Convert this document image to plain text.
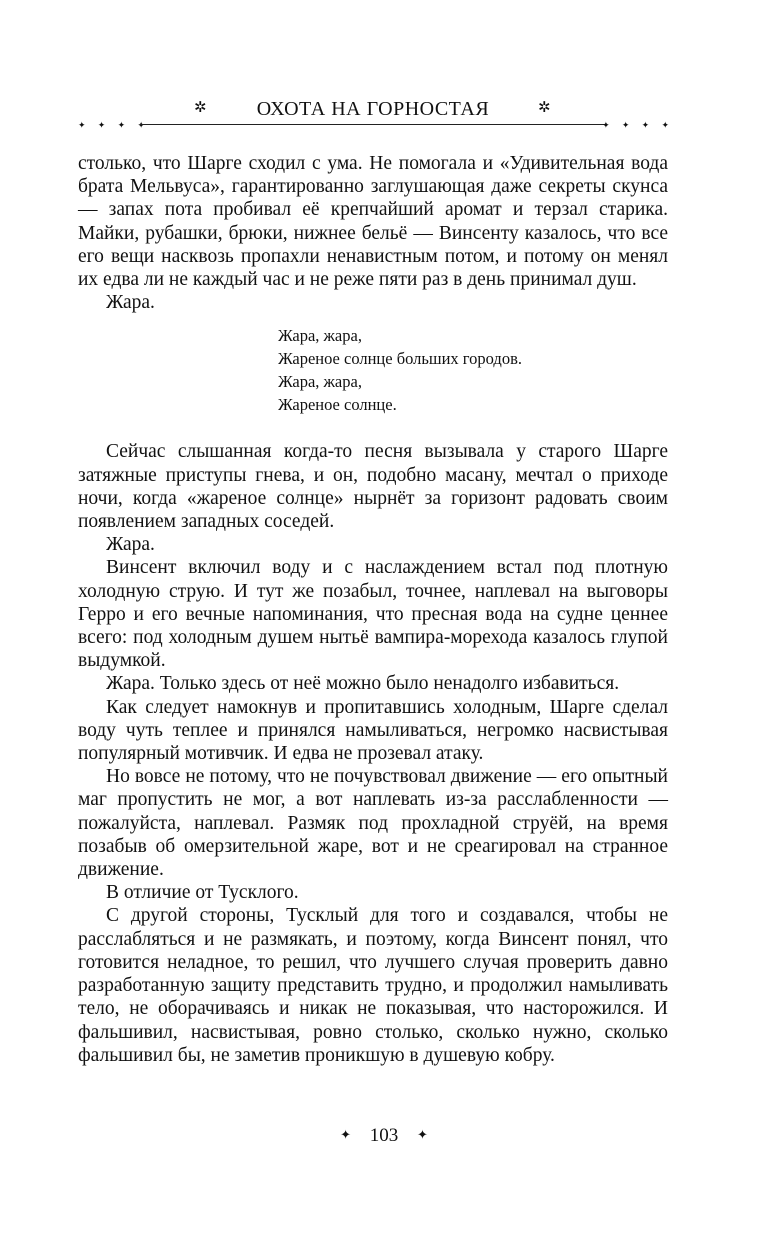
✲	ОХОТА НА ГОРНОСТАЯ	✲
✦ ✦ ✦ ✦	✦ ✦ ✦ ✦

столько, что Шарге сходил с ума. Не помогала и «Удивительная вода брата Мельвуса», гарантированно заглушающая даже секреты скунса — запах пота пробивал её крепчайший аромат и терзал старика. Майки, рубашки, брюки, нижнее бельё — Винсенту казалось, что все его вещи насквозь пропахли ненавистным потом, и потому он менял их едва ли не каждый час и не реже пяти раз в день принимал душ.

Жара.

Жара, жара,
Жареное солнце больших городов.
Жара, жара,
Жареное солнце.

Сейчас слышанная когда-то песня вызывала у старого Шарге затяжные приступы гнева, и он, подобно масану, мечтал о приходе ночи, когда «жареное солнце» нырнёт за горизонт радовать своим появлением западных соседей.

Жара.

Винсент включил воду и с наслаждением встал под плотную холодную струю. И тут же позабыл, точнее, наплевал на выговоры Герро и его вечные напоминания, что пресная вода на судне ценнее всего: под холодным душем нытьё вампира-морехода казалось глупой выдумкой.

Жара. Только здесь от неё можно было ненадолго избавиться.

Как следует намокнув и пропитавшись холодным, Шарге сделал воду чуть теплее и принялся намыливаться, негромко насвистывая популярный мотивчик. И едва не прозевал атаку.

Но вовсе не потому, что не почувствовал движение — его опытный маг пропустить не мог, а вот наплевать из-за расслабленности — пожалуйста, наплевал. Размяк под прохладной струёй, на время позабыв об омерзительной жаре, вот и не среагировал на странное движение.

В отличие от Тусклого.

С другой стороны, Тусклый для того и создавался, чтобы не расслабляться и не размякать, и поэтому, когда Винсент понял, что готовится неладное, то решил, что лучшего случая проверить давно разработанную защиту представить трудно, и продолжил намыливать тело, не оборачиваясь и никак не показывая, что насторожился. И фальшивил, насвистывая, ровно столько, сколько нужно, сколько фальшивил бы, не заметив проникшую в душевую кобру.

✦ 103 ✦
